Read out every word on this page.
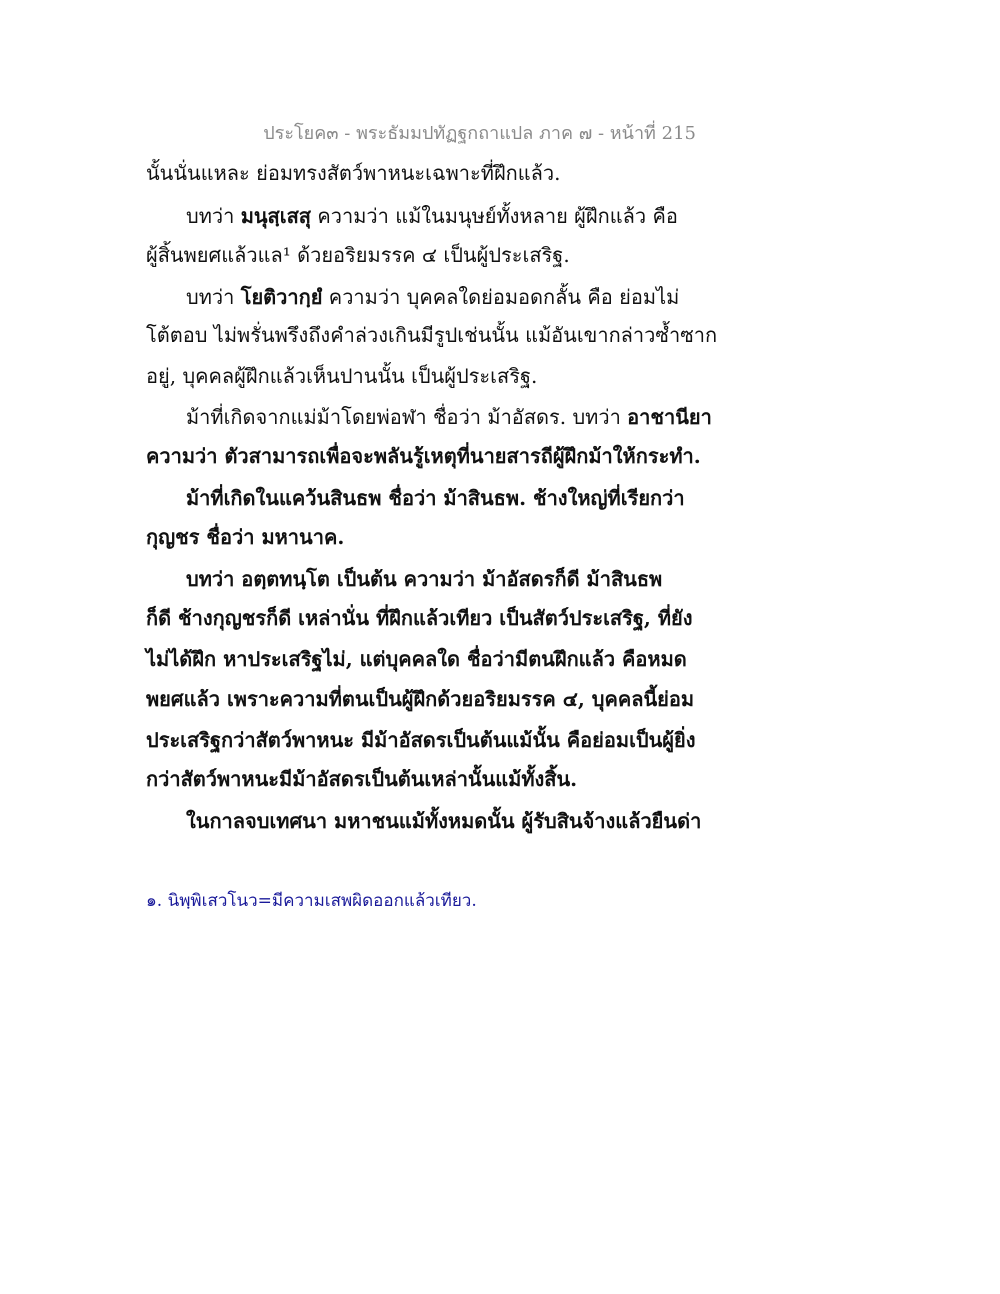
ประโยค๓ - พระธัมมปทัฏฐกถาแปล ภาค ๗ - หน้าที่ 215
นั้นนั่นแหละ ย่อมทรงสัตว์พาหนะเฉพาะที่ฝึกแล้ว.
บทว่า มนุสฺเสสุ ความว่า แม้ในมนุษย์ทั้งหลาย ผู้ฝึกแล้ว คือ
ผู้สิ้นพยศแล้วแล¹ ด้วยอริยมรรค ๔ เป็นผู้ประเสริฐ.
บทว่า โยติวากฺยํ ความว่า บุคคลใดย่อมอดกลั้น คือ ย่อมไม่
โต้ตอบ ไม่พรั่นพรึงถึงคำล่วงเกินมีรูปเช่นนั้น แม้อันเขากล่าวซ้ำซาก
อยู่, บุคคลผู้ฝึกแล้วเห็นปานนั้น เป็นผู้ประเสริฐ.
ม้าที่เกิดจากแม่ม้าโดยพ่อฬา ชื่อว่า ม้าอัสดร. บทว่า อาชานียา
ความว่า ตัวสามารถเพื่อจะพลันรู้เหตุที่นายสารถีผู้ฝึกม้าให้กระทำ.
ม้าที่เกิดในแคว้นสินธพ ชื่อว่า ม้าสินธพ. ช้างใหญ่ที่เรียกว่า
กุญชร ชื่อว่า มหานาค.
บทว่า อตฺตทนฺโต เป็นต้น ความว่า ม้าอัสดรก็ดี ม้าสินธพ
ก็ดี ช้างกุญชรก็ดี เหล่านั่น ที่ฝึกแล้วเทียว เป็นสัตว์ประเสริฐ, ที่ยัง
ไม่ได้ฝึก หาประเสริฐไม่, แต่บุคคลใด ชื่อว่ามีตนฝึกแล้ว คือหมด
พยศแล้ว เพราะความที่ตนเป็นผู้ฝึกด้วยอริยมรรค ๔, บุคคลนี้ย่อม
ประเสริฐกว่าสัตว์พาหนะ มีม้าอัสดรเป็นต้นแม้นั้น คือย่อมเป็นผู้ยิ่ง
กว่าสัตว์พาหนะมีม้าอัสดรเป็นต้นเหล่านั้นแม้ทั้งสิ้น.
ในกาลจบเทศนา มหาชนแม้ทั้งหมดนั้น ผู้รับสินจ้างแล้วยืนด่า
๑. นิพฺพิเสวโนว=มีความเสพผิดออกแล้วเทียว.
